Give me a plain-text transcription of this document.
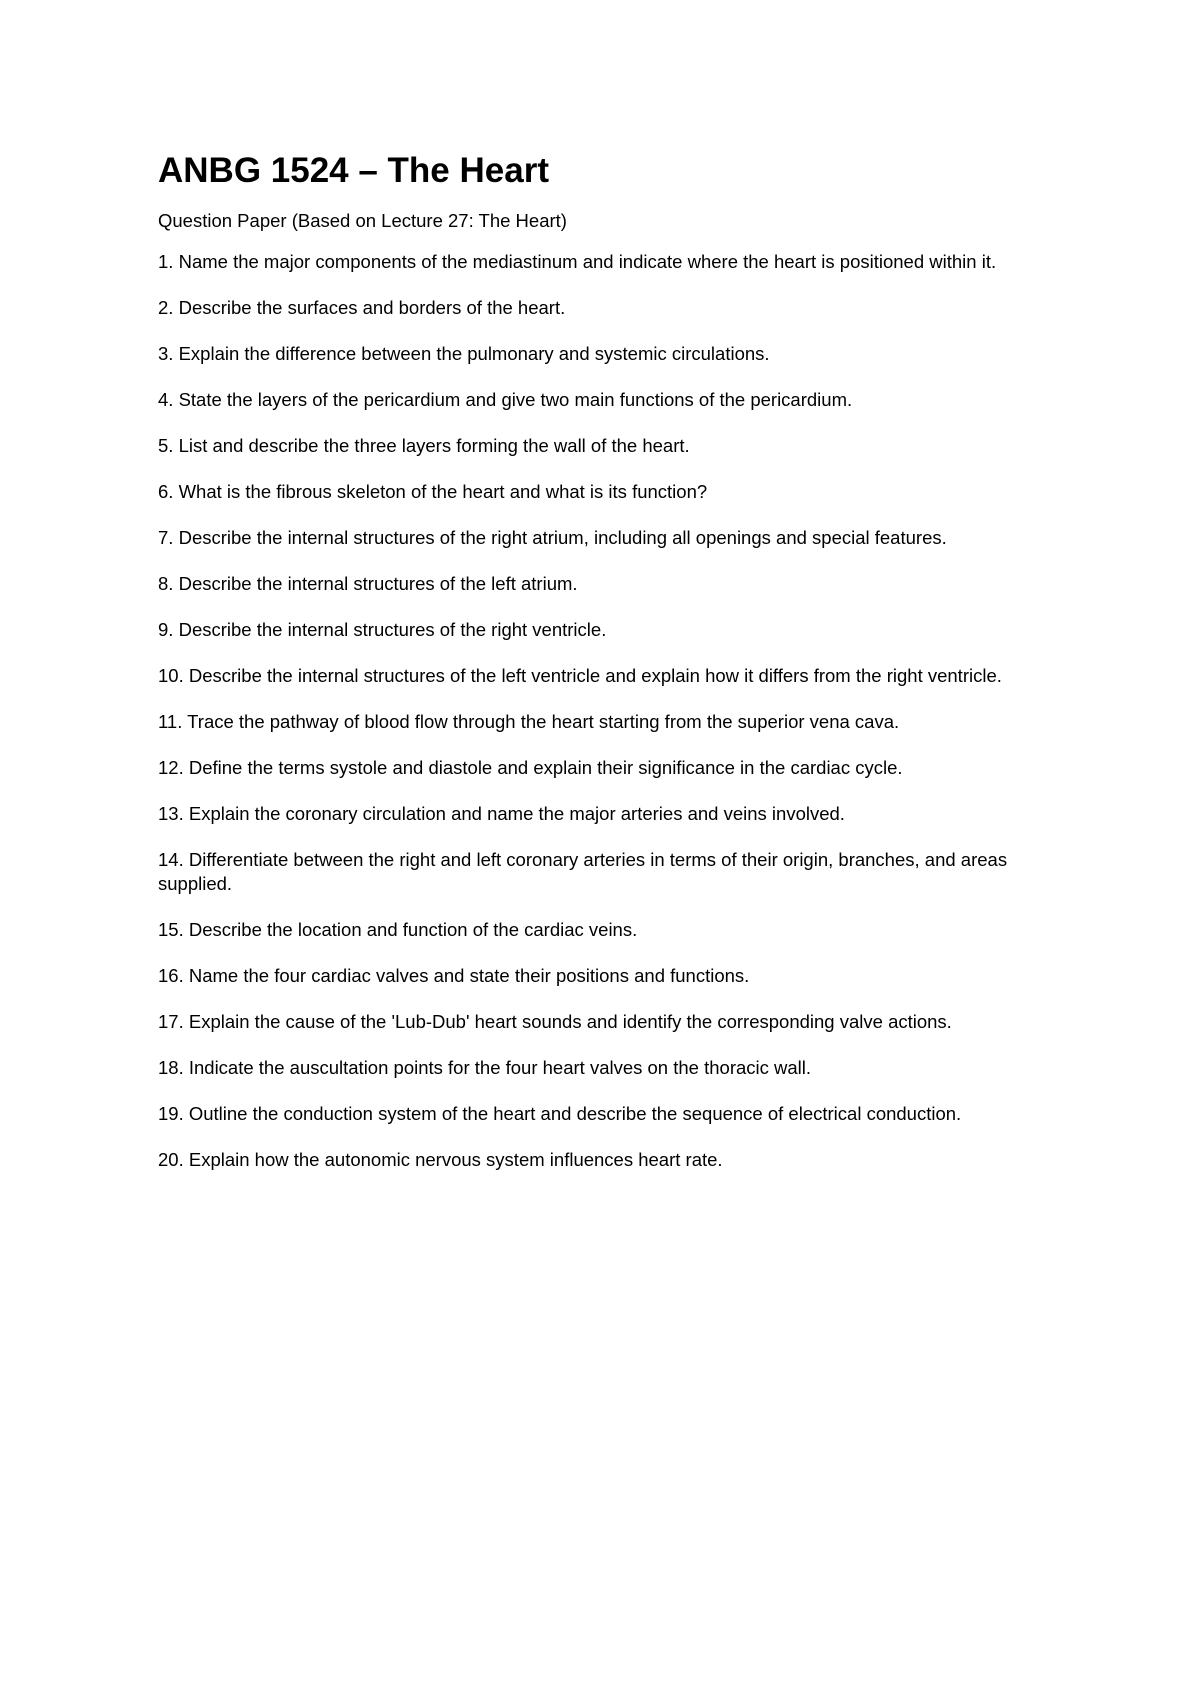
ANBG 1524 – The Heart

Question Paper (Based on Lecture 27: The Heart)

1. Name the major components of the mediastinum and indicate where the heart is positioned within it.
2. Describe the surfaces and borders of the heart.
3. Explain the difference between the pulmonary and systemic circulations.
4. State the layers of the pericardium and give two main functions of the pericardium.
5. List and describe the three layers forming the wall of the heart.
6. What is the fibrous skeleton of the heart and what is its function?
7. Describe the internal structures of the right atrium, including all openings and special features.
8. Describe the internal structures of the left atrium.
9. Describe the internal structures of the right ventricle.
10. Describe the internal structures of the left ventricle and explain how it differs from the right ventricle.
11. Trace the pathway of blood flow through the heart starting from the superior vena cava.
12. Define the terms systole and diastole and explain their significance in the cardiac cycle.
13. Explain the coronary circulation and name the major arteries and veins involved.
14. Differentiate between the right and left coronary arteries in terms of their origin, branches, and areas supplied.
15. Describe the location and function of the cardiac veins.
16. Name the four cardiac valves and state their positions and functions.
17. Explain the cause of the 'Lub-Dub' heart sounds and identify the corresponding valve actions.
18. Indicate the auscultation points for the four heart valves on the thoracic wall.
19. Outline the conduction system of the heart and describe the sequence of electrical conduction.
20. Explain how the autonomic nervous system influences heart rate.
